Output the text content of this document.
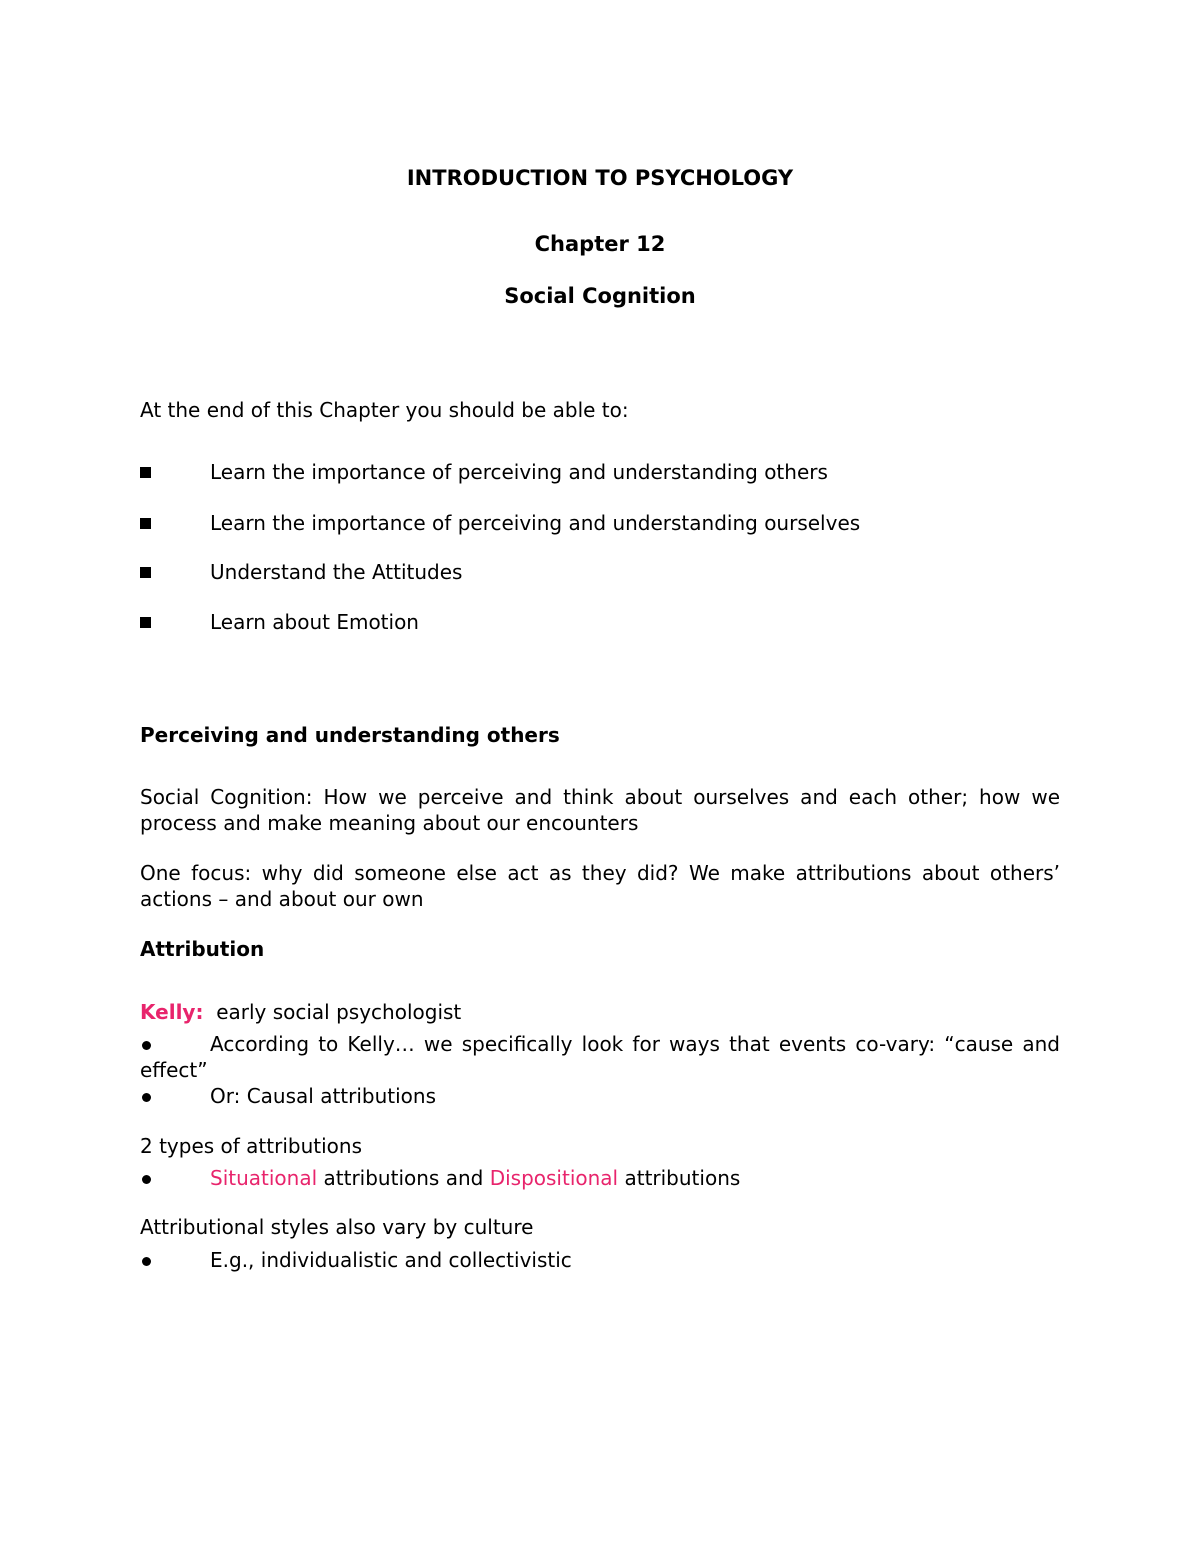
INTRODUCTION TO PSYCHOLOGY
Chapter 12
Social Cognition
At the end of this Chapter you should be able to:
Learn the importance of perceiving and understanding others
Learn the importance of perceiving and understanding ourselves
Understand the Attitudes
Learn about Emotion
Perceiving and understanding others
Social Cognition: How we perceive and think about ourselves and each other; how we process and make meaning about our encounters
One focus: why did someone else act as they did? We make attributions about others’ actions – and about our own
Attribution
Kelly: early social psychologist
According to Kelly… we specifically look for ways that events co-vary: “cause and effect”
Or: Causal attributions
2 types of attributions
Situational attributions and Dispositional attributions
Attributional styles also vary by culture
E.g., individualistic and collectivistic
